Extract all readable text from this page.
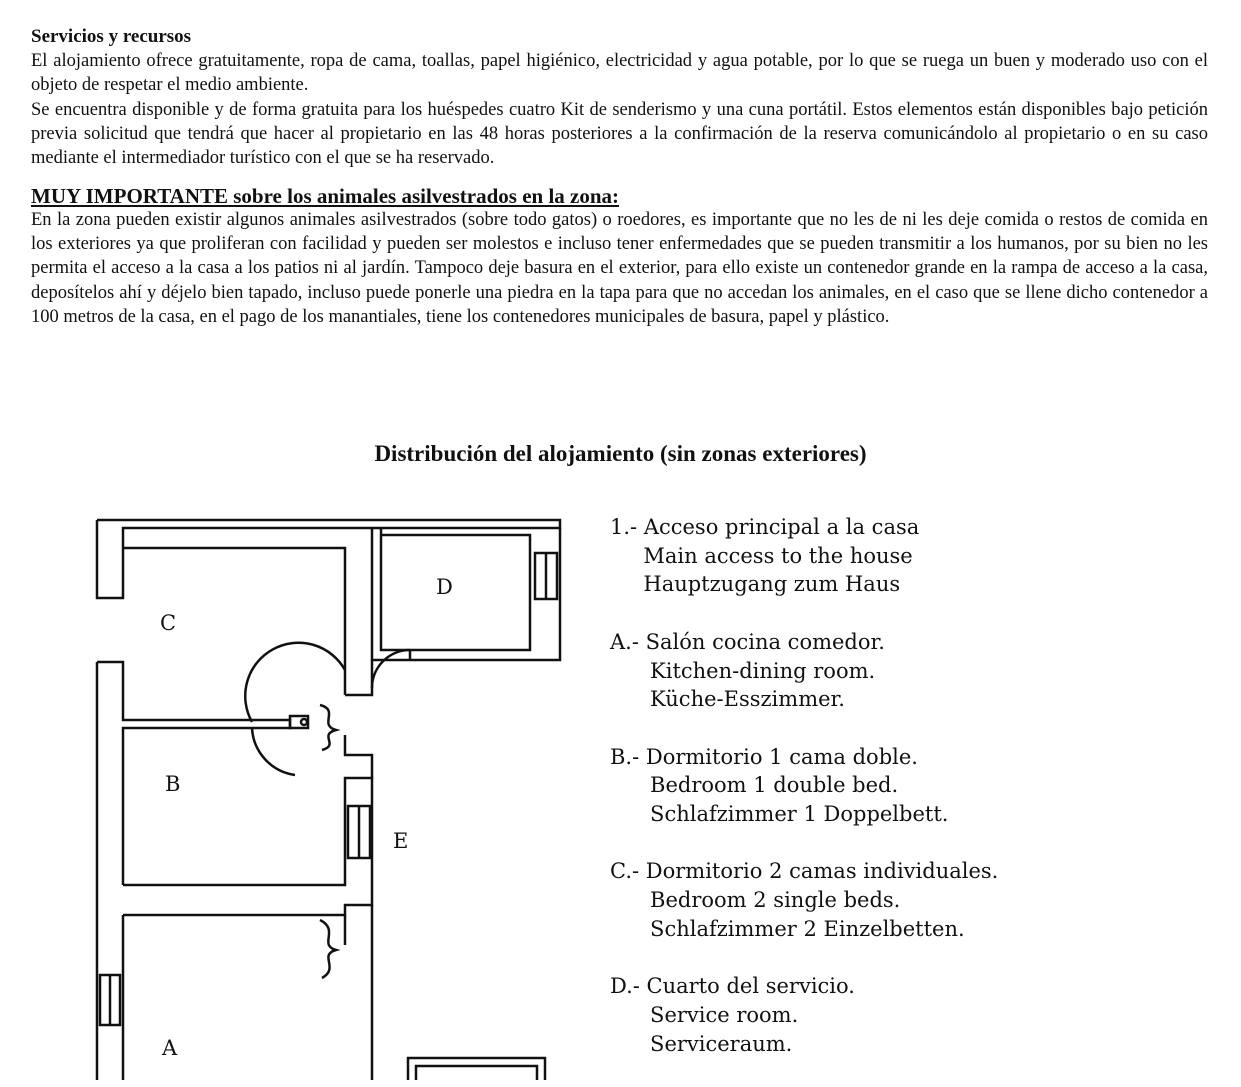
Servicios y recursos

El alojamiento ofrece gratuitamente, ropa de cama, toallas, papel higiénico, electricidad y agua potable, por lo que se ruega un buen y moderado uso con el objeto de respetar el medio ambiente.

Se encuentra disponible y de forma gratuita para los huéspedes cuatro Kit de senderismo y una cuna portátil. Estos elementos están disponibles bajo petición previa solicitud que tendrá que hacer al propietario en las 48 horas posteriores a la confirmación de la reserva comunicándolo al propietario o en su caso mediante el intermediador turístico con el que se ha reservado.

MUY IMPORTANTE sobre los animales asilvestrados en la zona:

En la zona pueden existir algunos animales asilvestrados (sobre todo gatos) o roedores, es importante que no les de ni les deje comida o restos de comida en los exteriores ya que proliferan con facilidad y pueden ser molestos e incluso tener enfermedades que se pueden transmitir a los humanos, por su bien no les permita el acceso a la casa a los patios ni al jardín. Tampoco deje basura en el exterior, para ello existe un contenedor grande en la rampa de acceso a la casa, deposítelos ahí y déjelo bien tapado, incluso puede ponerle una piedra en la tapa para que no accedan los animales, en el caso que se llene dicho contenedor a 100 metros de la casa, en el pago de los manantiales, tiene los contenedores municipales de basura, papel y plástico.

Distribución del alojamiento (sin zonas exteriores)
D
C
B
E
A
1.- Acceso principal a la casa
Main access to the house
Hauptzugang zum Haus
A.- Salón cocina comedor.
Kitchen-dining room.
Küche-Esszimmer.
B.- Dormitorio 1 cama doble.
Bedroom 1 double bed.
Schlafzimmer 1 Doppelbett.
C.- Dormitorio 2 camas individuales.
Bedroom 2 single beds.
Schlafzimmer 2 Einzelbetten.
D.- Cuarto del servicio.
Service room.
Serviceraum.
